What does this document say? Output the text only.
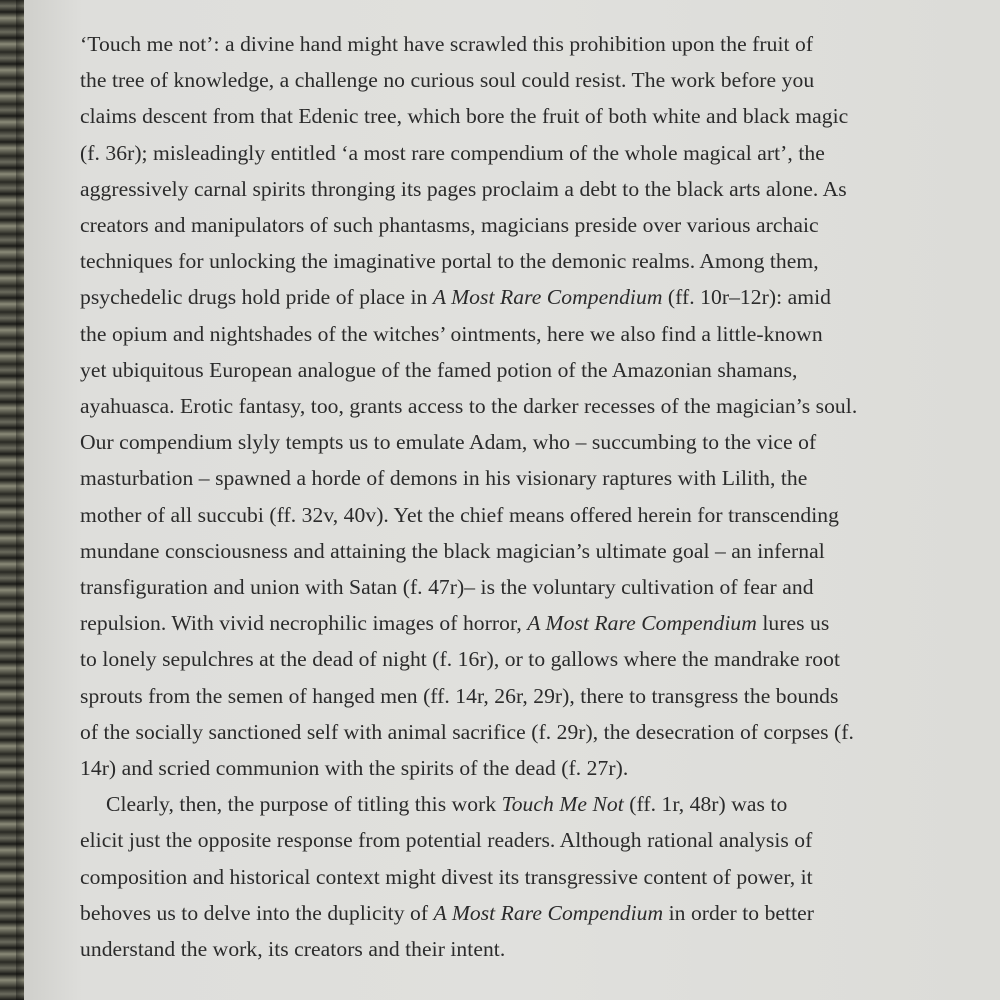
‘Touch me not’: a divine hand might have scrawled this prohibition upon the fruit of
the tree of knowledge, a challenge no curious soul could resist. The work before you
claims descent from that Edenic tree, which bore the fruit of both white and black magic
(f. 36r); misleadingly entitled ‘a most rare compendium of the whole magical art’, the
aggressively carnal spirits thronging its pages proclaim a debt to the black arts alone. As
creators and manipulators of such phantasms, magicians preside over various archaic
techniques for unlocking the imaginative portal to the demonic realms. Among them,
psychedelic drugs hold pride of place in A Most Rare Compendium (ff. 10r–12r): amid
the opium and nightshades of the witches’ ointments, here we also find a little-known
yet ubiquitous European analogue of the famed potion of the Amazonian shamans,
ayahuasca. Erotic fantasy, too, grants access to the darker recesses of the magician’s soul.
Our compendium slyly tempts us to emulate Adam, who – succumbing to the vice of
masturbation – spawned a horde of demons in his visionary raptures with Lilith, the
mother of all succubi (ff. 32v, 40v). Yet the chief means offered herein for transcending
mundane consciousness and attaining the black magician’s ultimate goal – an infernal
transfiguration and union with Satan (f. 47r)– is the voluntary cultivation of fear and
repulsion. With vivid necrophilic images of horror, A Most Rare Compendium lures us
to lonely sepulchres at the dead of night (f. 16r), or to gallows where the mandrake root
sprouts from the semen of hanged men (ff. 14r, 26r, 29r), there to transgress the bounds
of the socially sanctioned self with animal sacrifice (f. 29r), the desecration of corpses (f.
14r) and scried communion with the spirits of the dead (f. 27r).
Clearly, then, the purpose of titling this work Touch Me Not (ff. 1r, 48r) was to
elicit just the opposite response from potential readers. Although rational analysis of
composition and historical context might divest its transgressive content of power, it
behoves us to delve into the duplicity of A Most Rare Compendium in order to better
understand the work, its creators and their intent.
